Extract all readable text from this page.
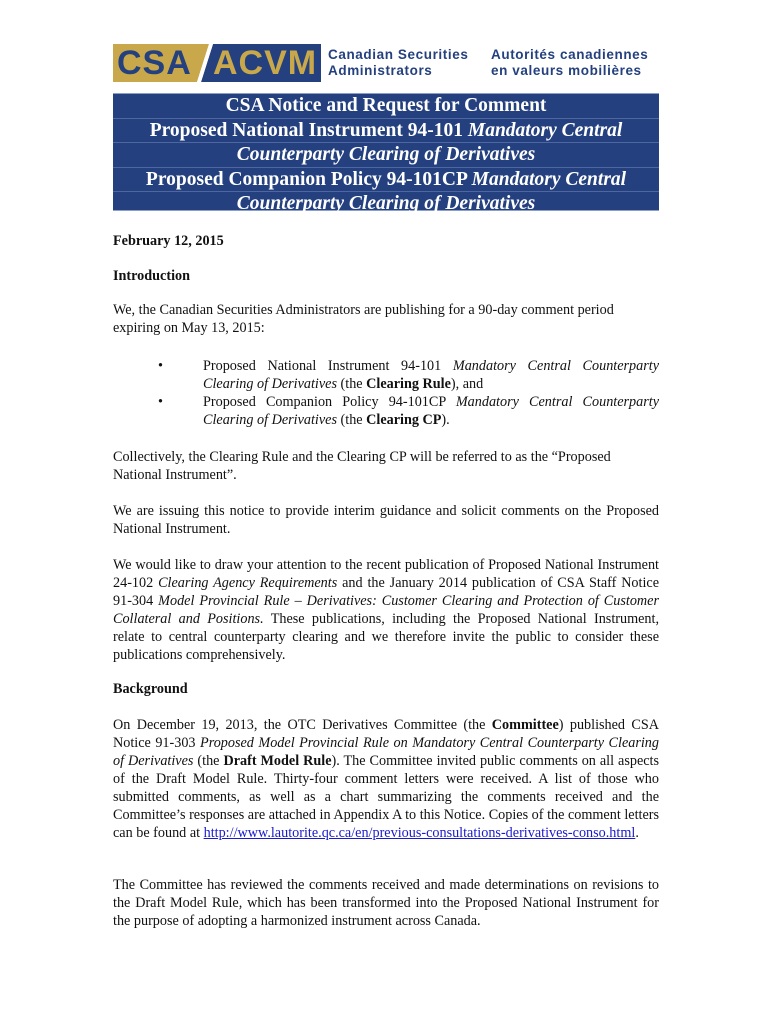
CSA ACVM Canadian Securities
Administrators
Autorités canadiennes
en valeurs mobilières
CSA Notice and Request for Comment
Proposed National Instrument 94-101 Mandatory Central
Counterparty Clearing of Derivatives
Proposed Companion Policy 94-101CP Mandatory Central
Counterparty Clearing of Derivatives
February 12, 2015
Introduction
We, the Canadian Securities Administrators are publishing for a 90-day comment period expiring on May 13, 2015:
•	Proposed National Instrument 94-101 Mandatory Central Counterparty Clearing of Derivatives (the Clearing Rule), and
•	Proposed Companion Policy 94-101CP Mandatory Central Counterparty Clearing of Derivatives (the Clearing CP).
Collectively, the Clearing Rule and the Clearing CP will be referred to as the “Proposed National Instrument”.
We are issuing this notice to provide interim guidance and solicit comments on the Proposed National Instrument.
We would like to draw your attention to the recent publication of Proposed National Instrument 24-102 Clearing Agency Requirements and the January 2014 publication of CSA Staff Notice 91-304 Model Provincial Rule – Derivatives: Customer Clearing and Protection of Customer Collateral and Positions. These publications, including the Proposed National Instrument, relate to central counterparty clearing and we therefore invite the public to consider these publications comprehensively.
Background
On December 19, 2013, the OTC Derivatives Committee (the Committee) published CSA Notice 91-303 Proposed Model Provincial Rule on Mandatory Central Counterparty Clearing of Derivatives (the Draft Model Rule). The Committee invited public comments on all aspects of the Draft Model Rule. Thirty-four comment letters were received. A list of those who submitted comments, as well as a chart summarizing the comments received and the Committee’s responses are attached in Appendix A to this Notice. Copies of the comment letters can be found at http://www.lautorite.qc.ca/en/previous-consultations-derivatives-conso.html.
The Committee has reviewed the comments received and made determinations on revisions to the Draft Model Rule, which has been transformed into the Proposed National Instrument for the purpose of adopting a harmonized instrument across Canada.
